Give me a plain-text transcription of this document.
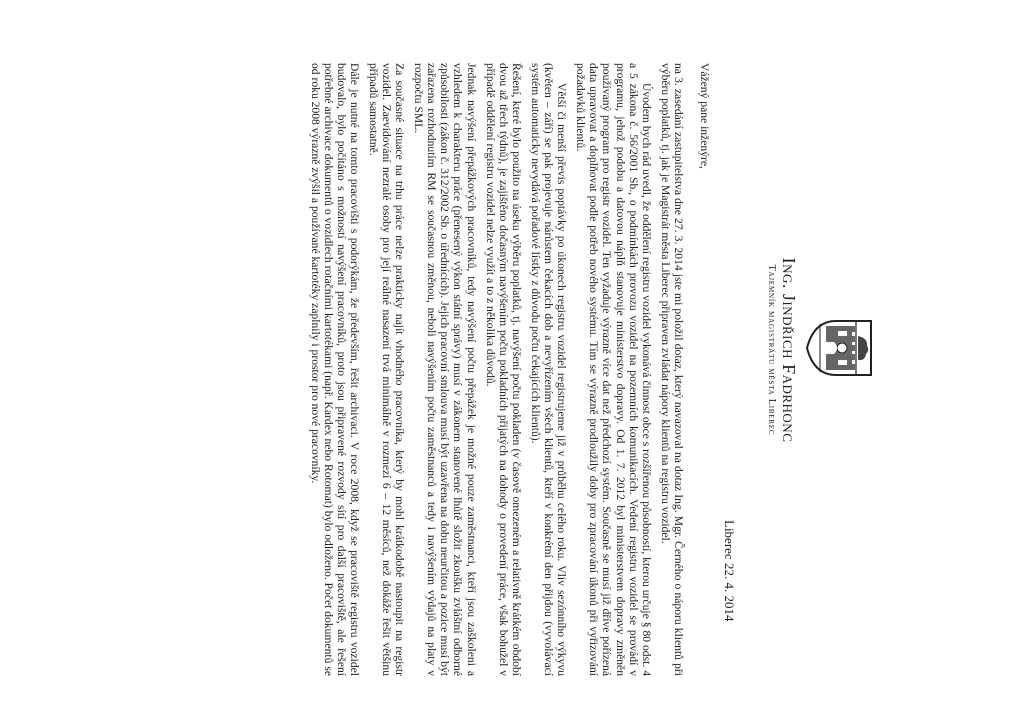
Ing. Jindřich Fadrhonc
Tajemník magistrátu města Liberec
Liberec 22. 4. 2014

Vážený pane inženýre,

na 3. zasedání zastupitelstva dne 27. 3. 2014 jste mi položil dotaz, který navazoval na dotaz Ing. Mgr. Černého o náporu klientů při výběru poplatků, tj. jak je Magistrát města Liberec připraven zvládat nápory klientů na registru vozidel.

Úvodem bych rád uvedl, že oddělení registru vozidel vykonává činnost obce s rozšířenou působností, kterou určuje § 80 odst. 4 a 5 zákona č. 56/2001 Sb., o podmínkách provozu vozidel na pozemních komunikacích. Vedení registru vozidel se provádí v programu, jehož podobu a datovou náplň stanovuje ministerstvo dopravy. Od 1. 7. 2012 byl ministerstvem dopravy změněn používaný program pro registr vozidel. Ten vyžaduje výrazně více dat než předchozí systém. Současně se musí již dříve pořízená data upravovat a doplňovat podle potřeb nového systému. Tím se výrazně prodloužily doby pro zpracování úkonů při vyřizování požadavků klientů.

Větší či menší převis poptávky po úkonech registru vozidel registrujeme již v průběhu celého roku. Vliv sezónního výkyvu (květen – září) se pak projevuje nárůstem čekacích dob a nevyřízením všech klientů, kteří v konkrétní den přijdou (vyvolávací systém automaticky nevydává pořadové lístky z důvodu počtu čekajících klientů).

Řešení, které bylo použito na úseku výběru poplatků, tj. navýšení počtu pokladen (v časově omezeném a relativně krátkém období dvou až třech týdnů), je zajištěno dočasným navýšením počtu pokladních přijatých na dohody o provedení práce, však bohužel v případě oddělení registru vozidel nelze využít a to z několika důvodů.

Jednak navýšení přepážkových pracovníků, tedy navýšení počtu přepážek je možné pouze zaměstnanci, kteří jsou zaškoleni a vzhledem k charakteru práce (přenesený výkon státní správy) musí v zákonem stanovené lhůtě složit zkoušku zvláštní odborné způsobilosti (zákon č. 312/2002 Sb. o úřednících). Jejich pracovní smlouva musí být uzavřena na dobu neurčitou a pozice musí být zařazena rozhodnutím RM se současnou změnou, neboli navýšením počtu zaměstnanců a tedy i navýšením výdajů na platy v rozpočtu SML.

Za současné situace na trhu práce nelze prakticky najít vhodného pracovníka, který by mohl krátkodobě nastoupit na registr vozidel. Zaevidování nezralé osoby pro její reálné nasazení trvá minimálně v rozmezí 6 – 12 měsíců, než dokáže řešit většinu případů samostatně.

Dále je nutné na tomto pracovišti s podorýkám, že především, řešit archivaci. V roce 2008, když se pracoviště registru vozidel budovalo, bylo počítáno s možností navýšení pracovníků, proto jsou připravené rozvody sítí pro další pracoviště, ale řešení potřebné archivace dokumentů o vozidlech rotačními kartotékami (např. Kardex nebo Rotomat) bylo odloženo. Počet dokumentů se od roku 2008 výrazně zvýšil a používané kartotéky zaplnily i prostor pro nové pracovníky.
